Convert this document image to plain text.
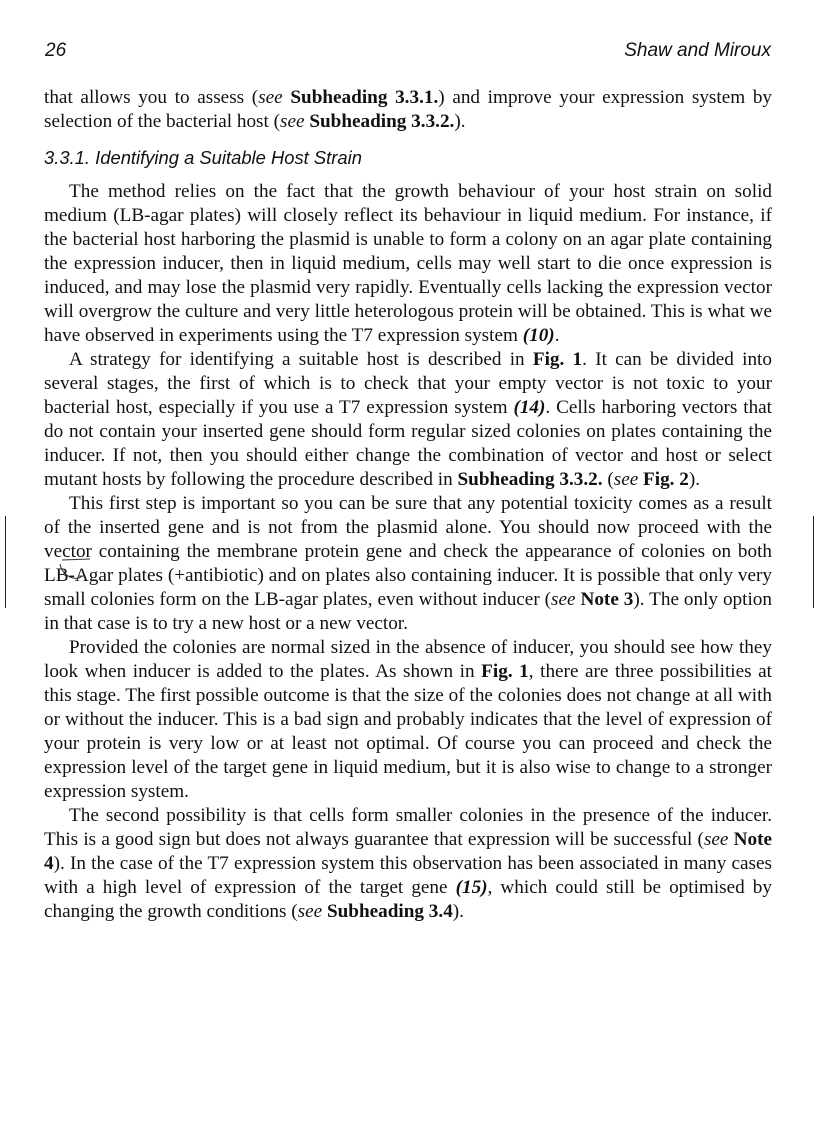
26	Shaw and Miroux

that allows you to assess (see Subheading 3.3.1.) and improve your expression system by selection of the bacterial host (see Subheading 3.3.2.).

3.3.1. Identifying a Suitable Host Strain

The method relies on the fact that the growth behaviour of your host strain on solid medium (LB-agar plates) will closely reflect its behaviour in liquid medium. For instance, if the bacterial host harboring the plasmid is unable to form a colony on an agar plate containing the expression inducer, then in liquid medium, cells may well start to die once expression is induced, and may lose the plasmid very rapidly. Eventually cells lacking the expression vector will overgrow the culture and very little heterologous protein will be obtained. This is what we have observed in experiments using the T7 expression system (10).

A strategy for identifying a suitable host is described in Fig. 1. It can be divided into several stages, the first of which is to check that your empty vector is not toxic to your bacterial host, especially if you use a T7 expression system (14). Cells harboring vectors that do not contain your inserted gene should form regular sized colonies on plates containing the inducer. If not, then you should either change the combination of vector and host or select mutant hosts by following the procedure described in Subheading 3.3.2. (see Fig. 2).

This first step is important so you can be sure that any potential toxicity comes as a result of the inserted gene and is not from the plasmid alone. You should now proceed with the vector containing the membrane protein gene and check the appearance of colonies on both LB-Agar plates (+antibiotic) and on plates also containing inducer. It is possible that only very small colonies form on the LB-agar plates, even without inducer (see Note 3). The only option in that case is to try a new host or a new vector.

Provided the colonies are normal sized in the absence of inducer, you should see how they look when inducer is added to the plates. As shown in Fig. 1, there are three possibilities at this stage. The first possible outcome is that the size of the colonies does not change at all with or without the inducer. This is a bad sign and probably indicates that the level of expression of your protein is very low or at least not optimal. Of course you can proceed and check the expression level of the target gene in liquid medium, but it is also wise to change to a stronger expression system.

The second possibility is that cells form smaller colonies in the presence of the inducer. This is a good sign but does not always guarantee that expression will be successful (see Note 4). In the case of the T7 expression system this observation has been associated in many cases with a high level of expression of the target gene (15), which could still be optimised by changing the growth conditions (see Subheading 3.4).
